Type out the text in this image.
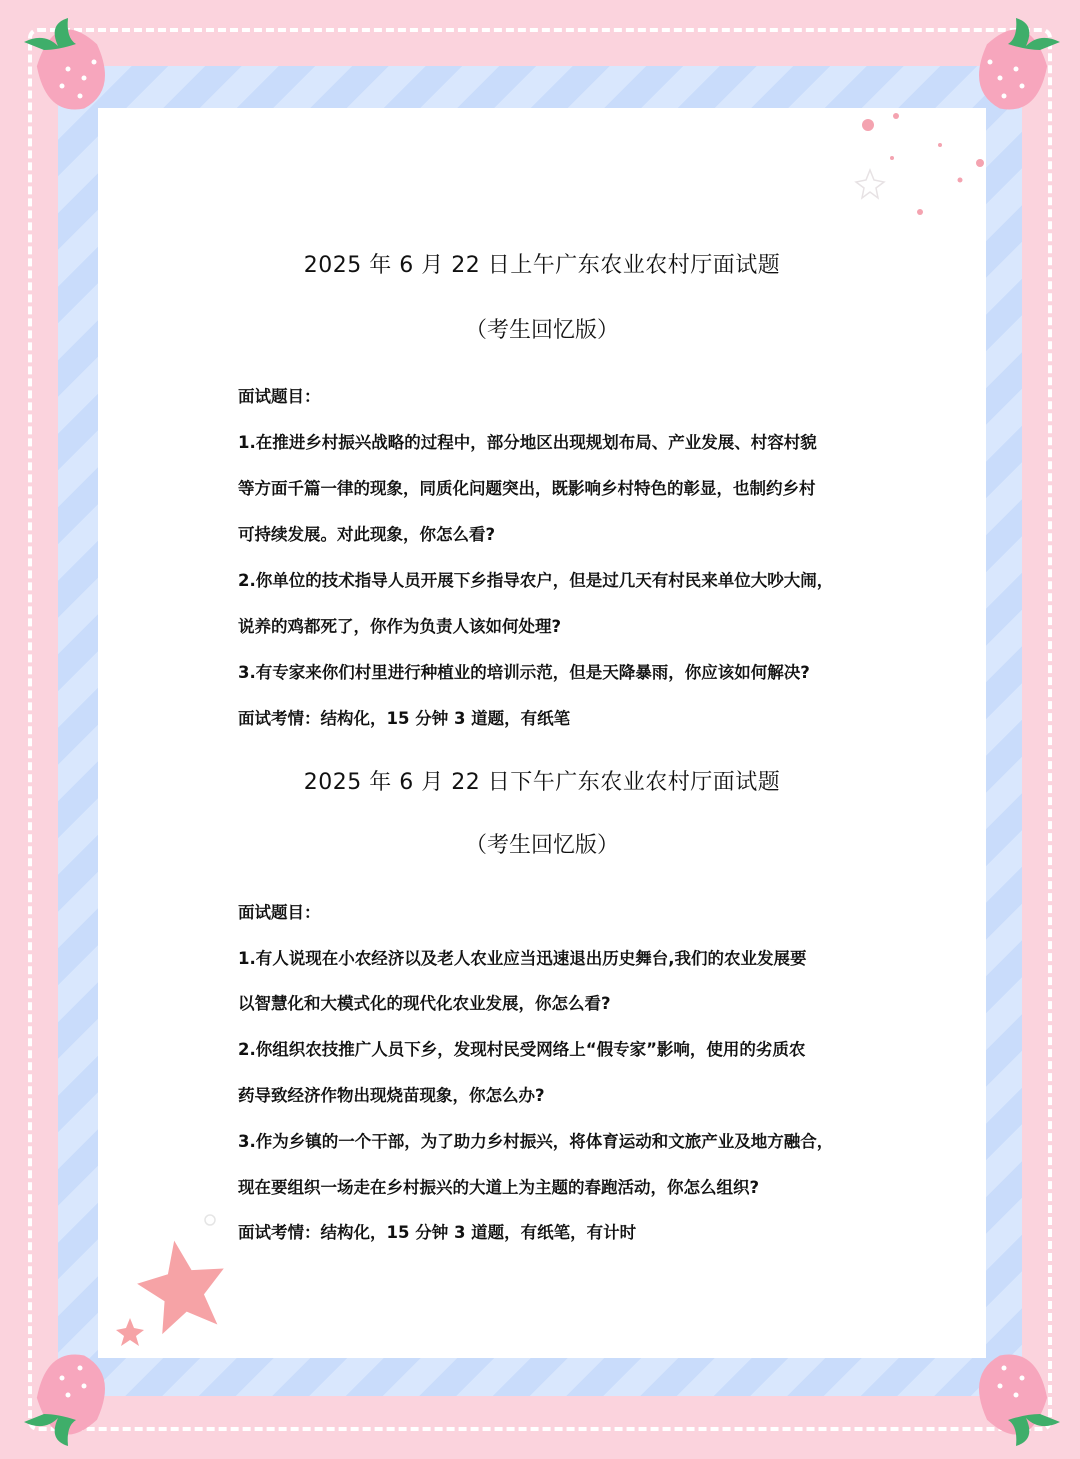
2025 年 6 月 22 日上午广东农业农村厅面试题
（考生回忆版）
面试题目：
1.在推进乡村振兴战略的过程中，部分地区出现规划布局、产业发展、村容村貌
等方面千篇一律的现象，同质化问题突出，既影响乡村特色的彰显，也制约乡村
可持续发展。对此现象，你怎么看?
2.你单位的技术指导人员开展下乡指导农户，但是过几天有村民来单位大吵大闹，
说养的鸡都死了，你作为负责人该如何处理?
3.有专家来你们村里进行种植业的培训示范，但是天降暴雨，你应该如何解决?
面试考情：结构化，15 分钟 3 道题，有纸笔
2025 年 6 月 22 日下午广东农业农村厅面试题
（考生回忆版）
面试题目：
1.有人说现在小农经济以及老人农业应当迅速退出历史舞台,我们的农业发展要
以智慧化和大模式化的现代化农业发展，你怎么看?
2.你组织农技推广人员下乡，发现村民受网络上“假专家”影响，使用的劣质农
药导致经济作物出现烧苗现象，你怎么办?
3.作为乡镇的一个干部，为了助力乡村振兴，将体育运动和文旅产业及地方融合，
现在要组织一场走在乡村振兴的大道上为主题的春跑活动，你怎么组织?
面试考情：结构化，15 分钟 3 道题，有纸笔，有计时
